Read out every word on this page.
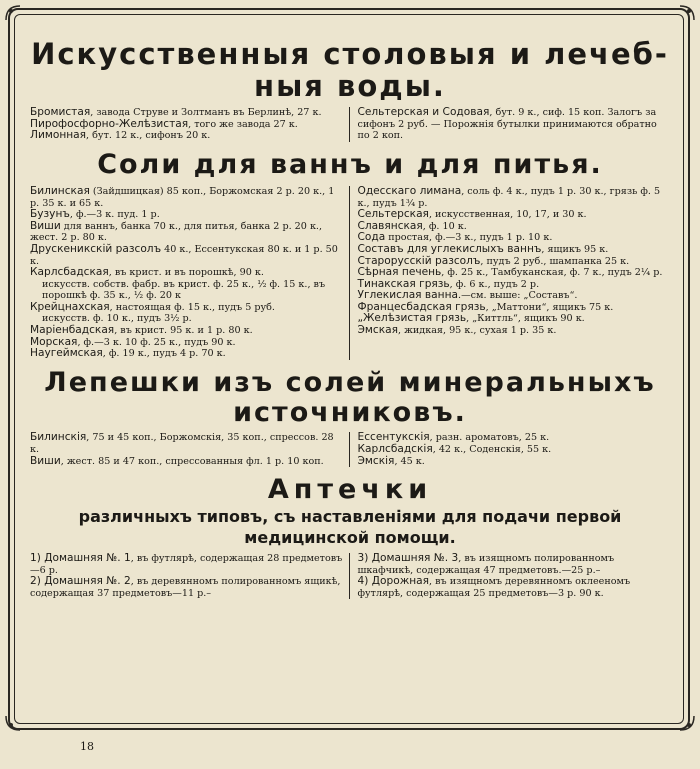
Искусственныя столовыя и лечеб- ныя воды.

Бромистая, завода Струве и Золтманъ въ Берлинѣ, 27 к.

Пирофосфорно-Желѣзистая, того же завода 27 к.

Лимонная, бут. 12 к., сифонъ 20 к.

Сельтерская и Содовая, бут. 9 к., сиф. 15 коп. Залогъ за сифонъ 2 руб. — Порожнія бутылки принимаются обратно по 2 коп.

Соли для ваннъ и для питья.

Билинская (Зайдшицкая) 85 коп., Боржомская 2 р. 20 к., 1 р. 35 к. и 65 к.

Бузунъ, ф.—3 к. пуд. 1 р.

Виши для ваннъ, банка 70 к., для питья, банка 2 р. 20 к., жест. 2 р. 80 к.

Друскеникскій разсолъ 40 к., Ессентукская 80 к. и 1 р. 50 к.

Карлсбадская, въ крист. и въ порошкѣ, 90 к.

искусств. собств. фабр. въ крист. ф. 25 к., ½ ф. 15 к., въ порошкѣ ф. 35 к., ½ ф. 20 к

Крейцнахская, настоящая ф. 15 к., пудъ 5 руб.

искусств. ф. 10 к., пудъ 3½ р.

Маріенбадская, въ крист. 95 к. и 1 р. 80 к.

Морская, ф.—3 к. 10 ф. 25 к., пудъ 90 к.

Наугеймская, ф. 19 к., пудъ 4 р. 70 к.

Одесскаго лимана, соль ф. 4 к., пудъ 1 р. 30 к., грязь ф. 5 к., пудъ 1¾ р.

Сельтерская, искусственная, 10, 17, и 30 к.

Славянская, ф. 10 к.

Сода простая, ф.—3 к., пудъ 1 р. 10 к.

Составъ для углекислыхъ ваннъ, ящикъ 95 к.

Старорусскій разсолъ, пудъ 2 руб., шампанка 25 к.

Сѣрная печень, ф. 25 к., Тамбуканская, ф. 7 к., пудъ 2¼ р.

Тинакская грязь, ф. 6 к., пудъ 2 р.

Углекислая ванна.—см. выше: „Составъ“.

Францесбадская грязь, „Маттони“, ящикъ 75 к.

„Желѣзистая грязь, „Киттль“, ящикъ 90 к.

Эмская, жидкая, 95 к., сухая 1 р. 35 к.

Лепешки изъ солей минеральныхъ источниковъ.

Билинскія, 75 и 45 коп., Боржомскія, 35 коп., спрессов. 28 к.

Виши, жест. 85 и 47 коп., спрессованныя фл. 1 р. 10 коп.

Ессентукскія, разн. ароматовъ, 25 к.

Карлсбадскія, 42 к., Соденскія, 55 к.

Эмскія, 45 к.

Аптечки

различныхъ типовъ, съ наставленіями для подачи первой медицинской помощи.

1) Домашняя №. 1, въ футлярѣ, содержащая 28 предметовъ—6 р.

2) Домашняя №. 2, въ деревянномъ полированномъ ящикѣ, содержащая 37 предметовъ—11 р.–

3) Домашняя №. 3, въ изящномъ полированномъ шкафчикѣ, содержащая 47 предметовъ.—25 р.–

4) Дорожная, въ изящномъ деревянномъ оклееномъ футлярѣ, содержащая 25 предметовъ—3 р. 90 к.

18
